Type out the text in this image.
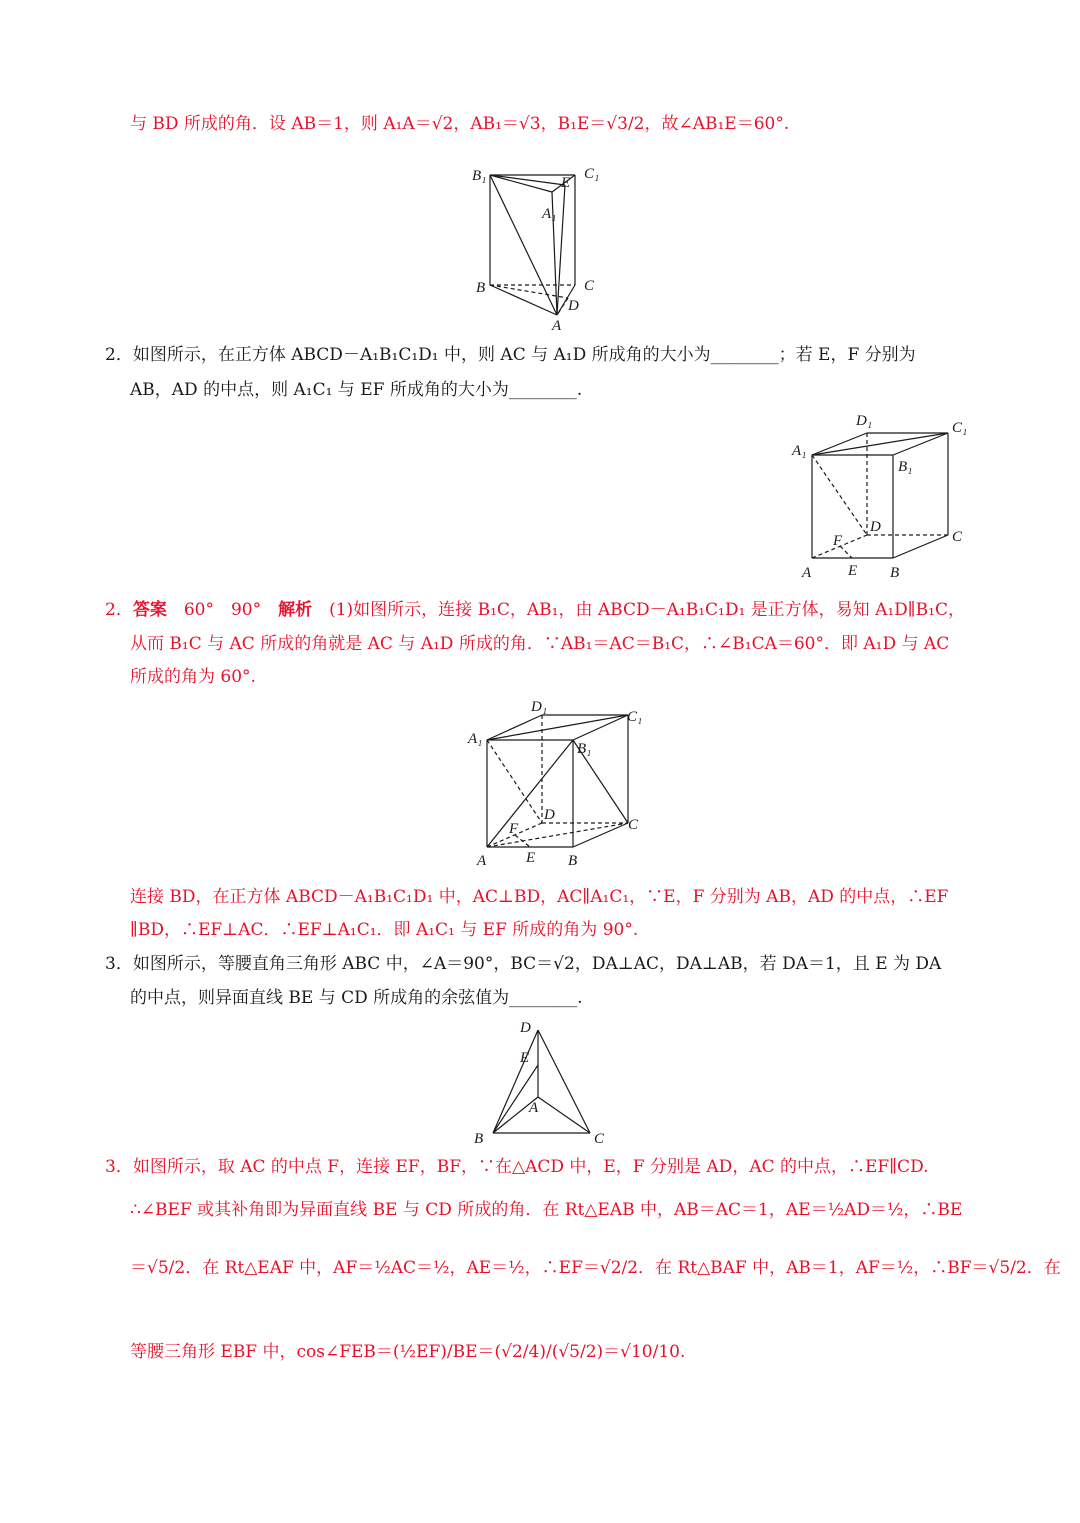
与 BD 所成的角．设 AB＝1，则 A₁A＝√2，AB₁＝√3，B₁E＝√3/2，故∠AB₁E＝60°.
B₁	C₁
E
A₁
B	C
D
A
2．如图所示，在正方体 ABCD－A₁B₁C₁D₁ 中，则 AC 与 A₁D 所成角的大小为________；若 E，F 分别为
AB，AD 的中点，则 A₁C₁ 与 EF 所成角的大小为________.
D₁	C₁
A₁
B₁
D
C
F
A E B
2．答案　 60°　90°　 解析　 (1)如图所示，连接 B₁C，AB₁，由 ABCD－A₁B₁C₁D₁ 是正方体，易知 A₁D∥B₁C，
从而 B₁C 与 AC 所成的角就是 AC 与 A₁D 所成的角．∵AB₁＝AC＝B₁C，∴∠B₁CA＝60°．即 A₁D 与 AC
所成的角为 60°.
D₁
C₁
A₁
B₁
D
C
F
A	E B
连接 BD，在正方体 ABCD－A₁B₁C₁D₁ 中，AC⊥BD，AC∥A₁C₁，∵E，F 分别为 AB，AD 的中点，∴EF
∥BD，∴EF⊥AC．∴EF⊥A₁C₁．即 A₁C₁ 与 EF 所成的角为 90°.
3．如图所示，等腰直角三角形 ABC 中，∠A＝90°，BC＝√2，DA⊥AC，DA⊥AB，若 DA＝1，且 E 为 DA
的中点，则异面直线 BE 与 CD 所成角的余弦值为________.
D
E
A
B	C
3．如图所示，取 AC 的中点 F，连接 EF，BF，∵在△ACD 中，E，F 分别是 AD，AC 的中点，∴EF∥CD.
∴∠BEF 或其补角即为异面直线 BE 与 CD 所成的角．在 Rt△EAB 中，AB＝AC＝1，AE＝½AD＝½，∴BE
＝√5/2．在 Rt△EAF 中，AF＝½AC＝½，AE＝½，∴EF＝√2/2．在 Rt△BAF 中，AB＝1，AF＝½，∴BF＝√5/2．在
等腰三角形 EBF 中，cos∠FEB＝(½EF)/BE＝(√2/4)/(√5/2)＝√10/10.
